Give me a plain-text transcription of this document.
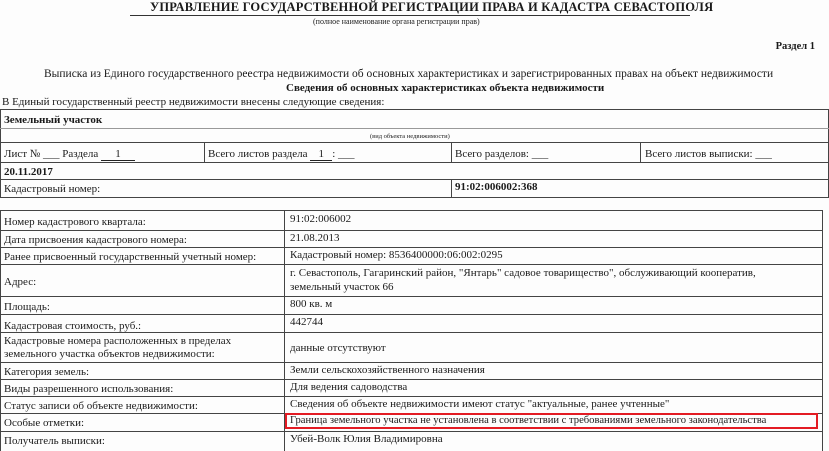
УПРАВЛЕНИЕ ГОСУДАРСТВЕННОЙ РЕГИСТРАЦИИ ПРАВА И КАДАСТРА СЕВАСТОПОЛЯ
(полное наименование органа регистрации прав)
Раздел 1
Выписка из Единого государственного реестра недвижимости об основных характеристиках и зарегистрированных правах на объект недвижимости
Сведения об основных характеристиках объекта недвижимости
В Единый государственный реестр недвижимости внесены следующие сведения:
Земельный участок
(вид объекта недвижимости)
Лист № ___ Раздела 1	Всего листов раздела 1 : ___	Всего разделов: ___	Всего листов выписки: ___
20.11.2017
Кадастровый номер:	91:02:006002:368
Номер кадастрового квартала:	91:02:006002
Дата присвоения кадастрового номера:	21.08.2013
Ранее присвоенный государственный учетный номер:	Кадастровый номер: 8536400000:06:002:0295
Адрес:
г. Севастополь, Гагаринский район, "Янтарь" садовое товарищество", обслуживающий кооператив,
земельный участок 66
Площадь:	800 кв. м
Кадастровая стоимость, руб.:	442744
Кадастровые номера расположенных в пределах
земельного участка объектов недвижимости:	данные отсутствуют
Категория земель:	Земли сельскохозяйственного назначения
Виды разрешенного использования:	Для ведения садоводства
Статус записи об объекте недвижимости:	Сведения об объекте недвижимости имеют статус "актуальные, ранее учтенные"
Особые отметки:	Граница земельного участка не установлена в соответствии с требованиями земельного законодательства
Получатель выписки:	Убей-Волк Юлия Владимировна
